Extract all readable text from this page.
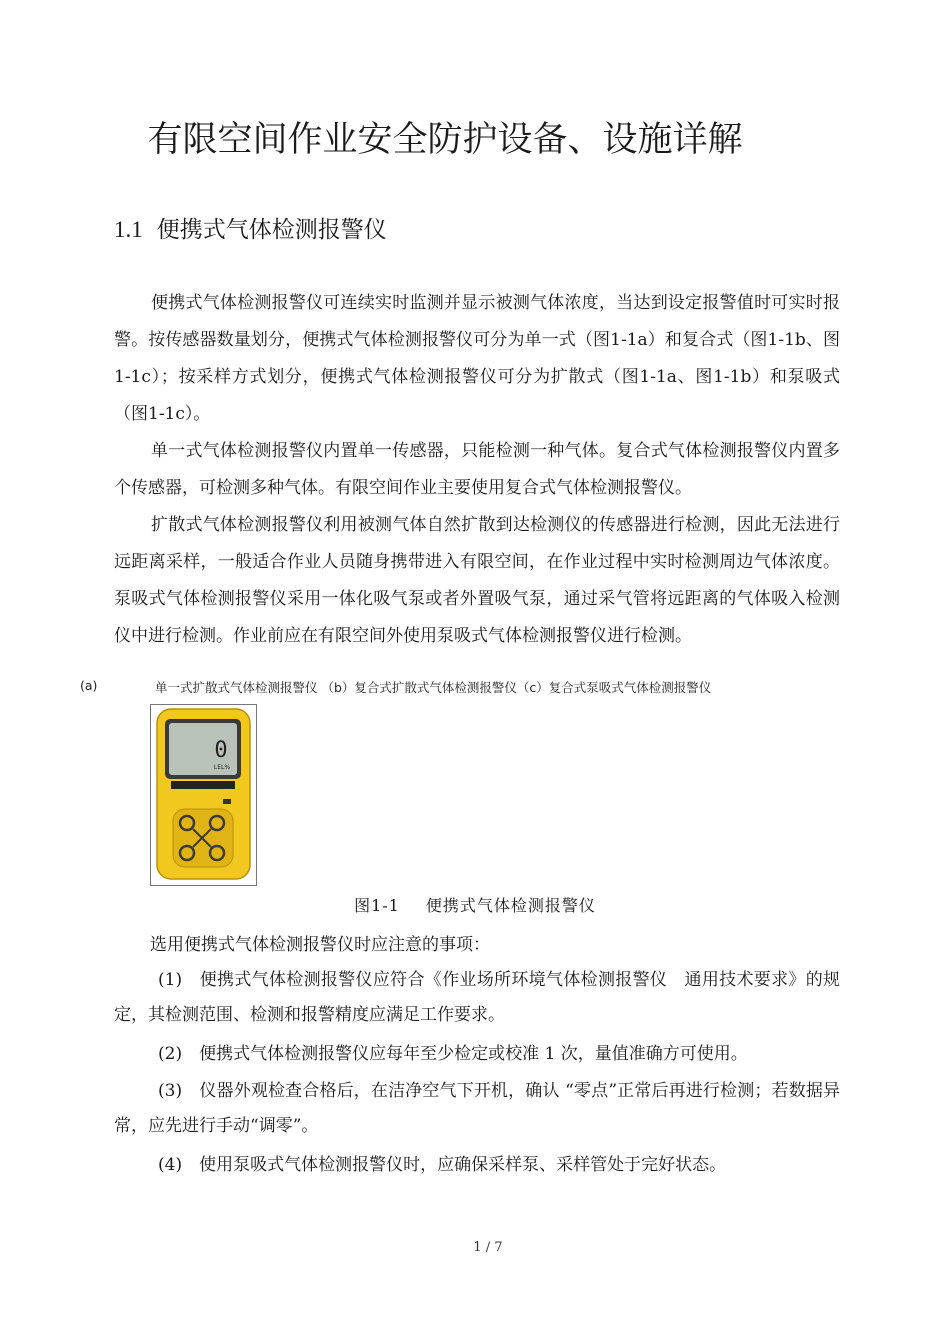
有限空间作业安全防护设备、设施详解
1.1 便携式气体检测报警仪

便携式气体检测报警仪可连续实时监测并显示被测气体浓度，当达到设定报警值时可实时报警。按传感器数量划分，便携式气体检测报警仪可分为单一式（图1-1a）和复合式（图1-1b、图1-1c）；按采样方式划分，便携式气体检测报警仪可分为扩散式（图1-1a、图1-1b）和泵吸式（图1-1c）。

单一式气体检测报警仪内置单一传感器，只能检测一种气体。复合式气体检测报警仪内置多个传感器，可检测多种气体。有限空间作业主要使用复合式气体检测报警仪。

扩散式气体检测报警仪利用被测气体自然扩散到达检测仪的传感器进行检测，因此无法进行远距离采样，一般适合作业人员随身携带进入有限空间，在作业过程中实时检测周边气体浓度。泵吸式气体检测报警仪采用一体化吸气泵或者外置吸气泵，通过采气管将远距离的气体吸入检测仪中进行检测。作业前应在有限空间外使用泵吸式气体检测报警仪进行检测。

(a)	单一式扩散式气体检测报警仪 （b）复合式扩散式气体检测报警仪（c）复合式泵吸式气体检测报警仪
0
LEL%
图1-1 便携式气体检测报警仪
选用便携式气体检测报警仪时应注意的事项：

(1)　 便携式气体检测报警仪应符合《作业场所环境气体检测报警仪　通用技术要求》的规定，其检测范围、检测和报警精度应满足工作要求。

(2)　 便携式气体检测报警仪应每年至少检定或校准 1 次，量值准确方可使用。

(3)　 仪器外观检查合格后，在洁净空气下开机，确认 “零点”正常后再进行检测；若数据异常，应先进行手动“调零”。

(4)　 使用泵吸式气体检测报警仪时，应确保采样泵、采样管处于完好状态。

1 / 7
